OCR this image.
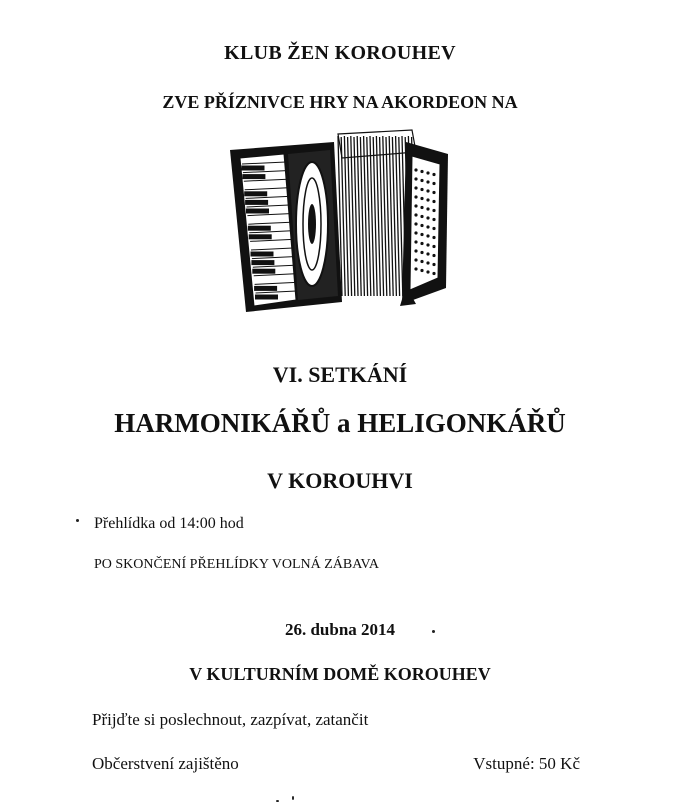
KLUB ŽEN KOROUHEV
ZVE PŘÍZNIVCE HRY NA AKORDEON NA
VI. SETKÁNÍ
HARMONIKÁŘŮ a HELIGONKÁŘŮ
V KOROUHVI
Přehlídka od 14:00 hod
PO SKONČENÍ PŘEHLÍDKY VOLNÁ ZÁBAVA
26. dubna 2014
V KULTURNÍM DOMĚ KOROUHEV
Přijďte si poslechnout, zazpívat, zatančit
Občerstvení zajištěno	Vstupné: 50 Kč
